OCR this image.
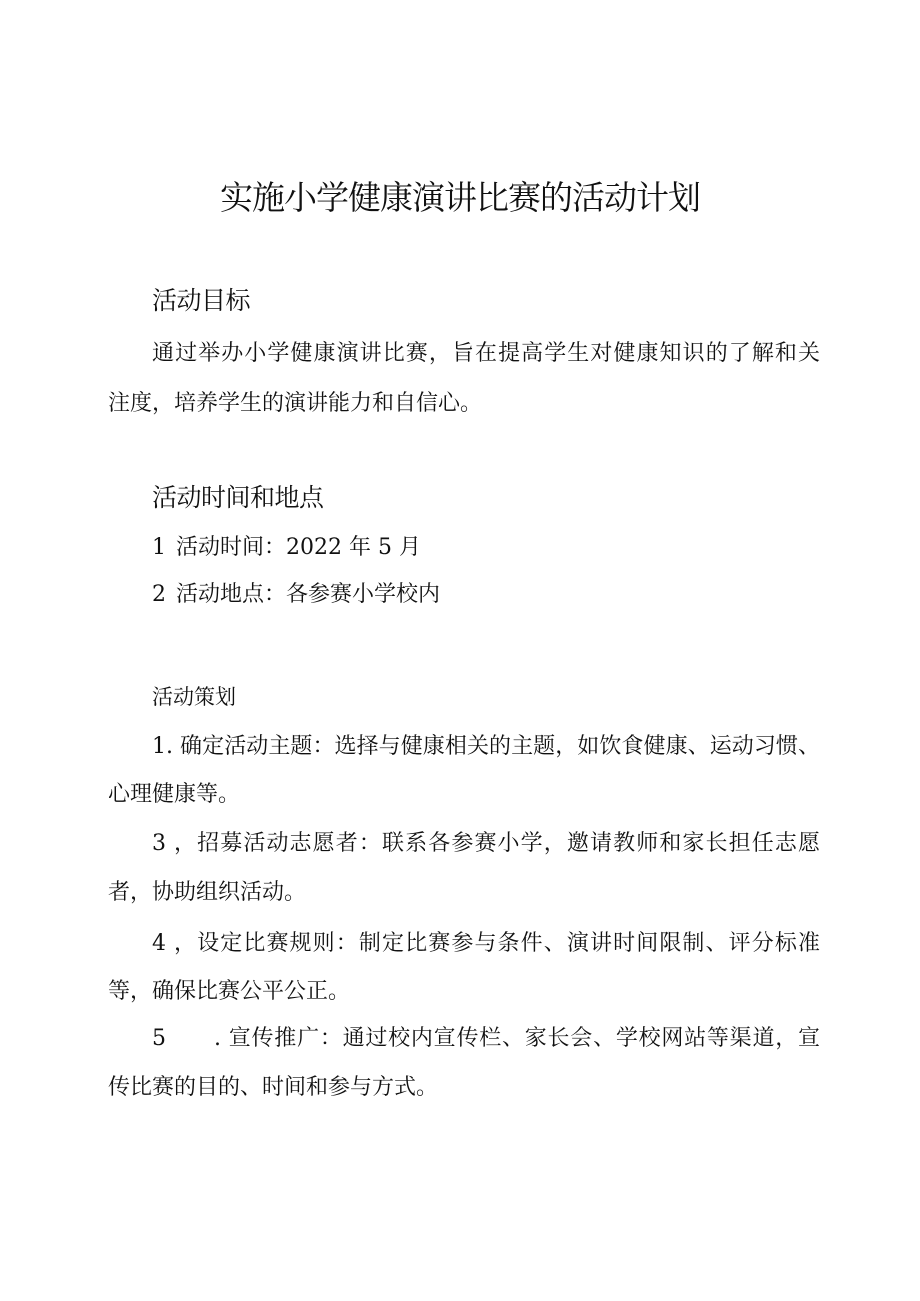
实施小学健康演讲比赛的活动计划
活动目标

通过举办小学健康演讲比赛，旨在提高学生对健康知识的了解和关

注度，培养学生的演讲能力和自信心。

活动时间和地点

1 活动时间：2022 年 5 月

2 活动地点：各参赛小学校内

活动策划

1. 确定活动主题：选择与健康相关的主题，如饮食健康、运动习惯、

心理健康等。

3 ，招募活动志愿者：联系各参赛小学，邀请教师和家长担任志愿

者，协助组织活动。

4 ，设定比赛规则：制定比赛参与条件、演讲时间限制、评分标准

等，确保比赛公平公正。

5 . 宣传推广：通过校内宣传栏、家长会、学校网站等渠道，宣

传比赛的目的、时间和参与方式。
